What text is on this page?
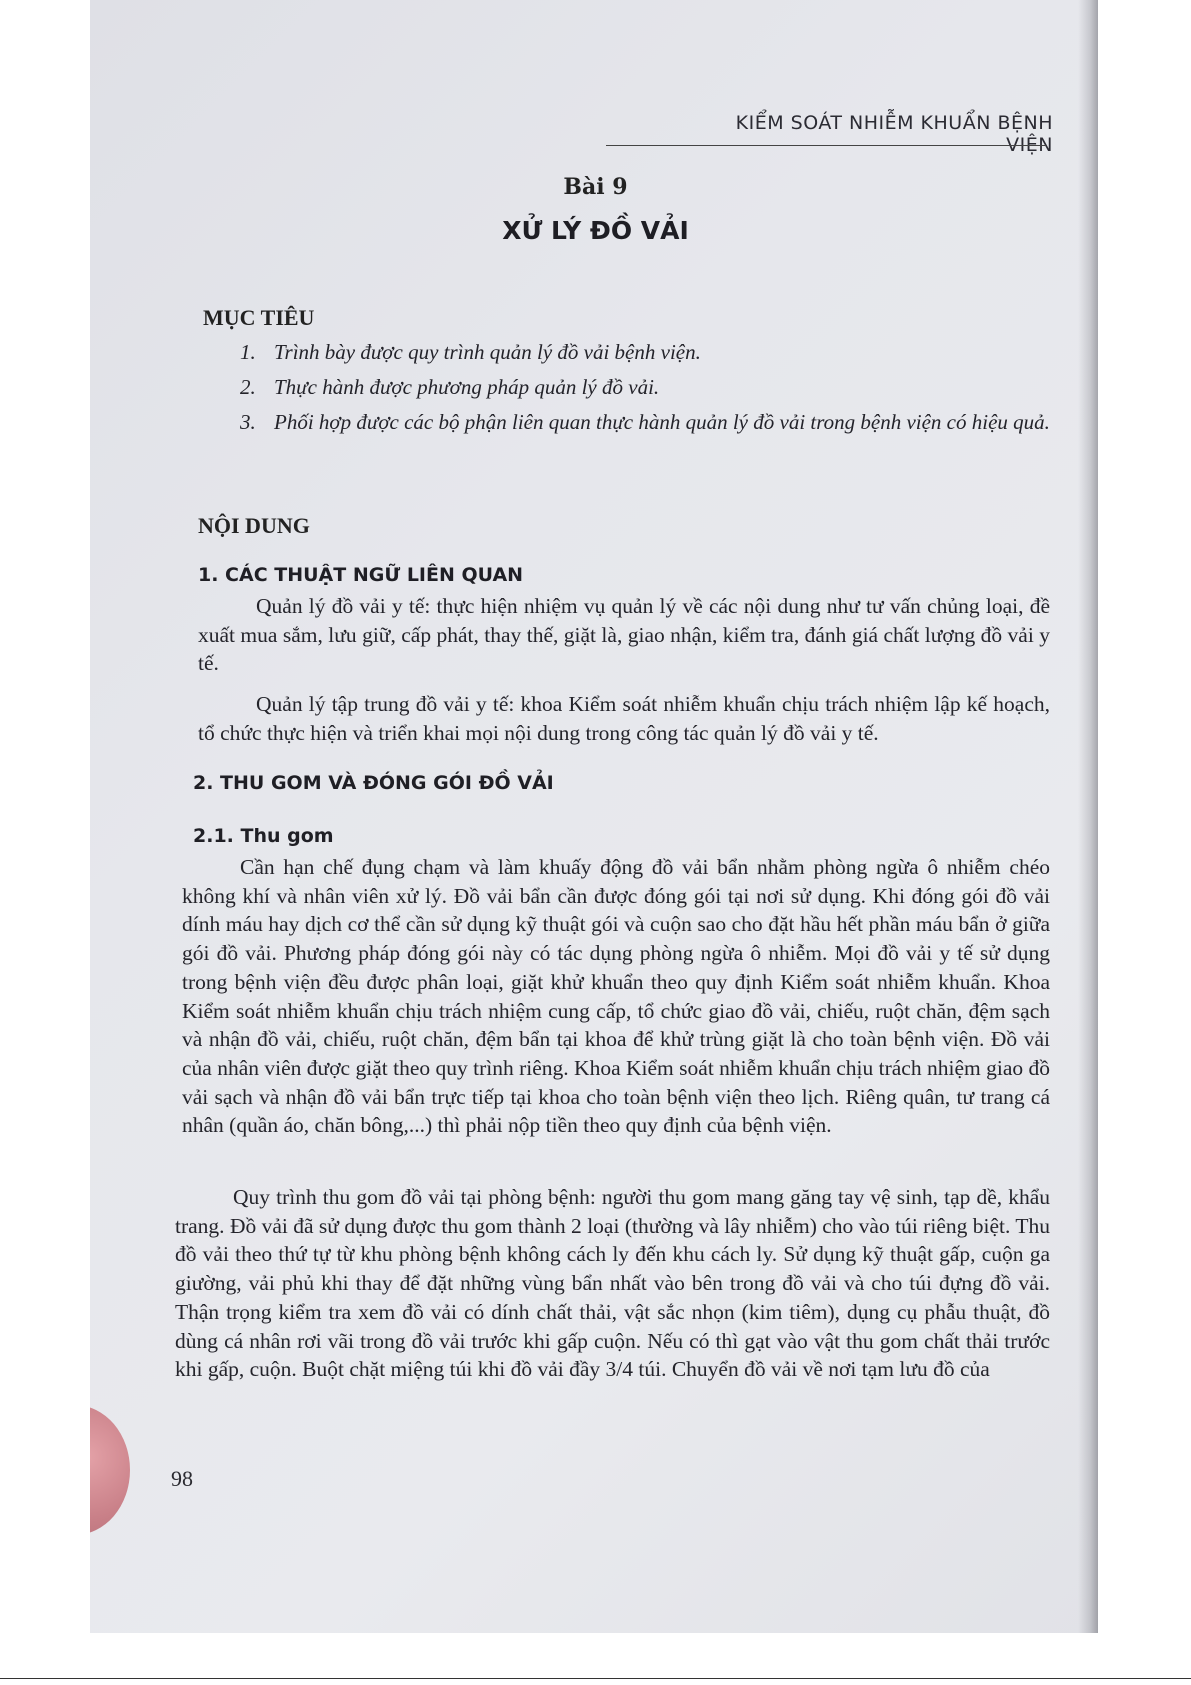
KIỂM SOÁT NHIỄM KHUẨN BỆNH VIỆN
Bài 9
XỬ LÝ ĐỒ VẢI
MỤC TIÊU
1. Trình bày được quy trình quản lý đồ vải bệnh viện.
2. Thực hành được phương pháp quản lý đồ vải.
3. Phối hợp được các bộ phận liên quan thực hành quản lý đồ vải trong bệnh viện có hiệu quả.
NỘI DUNG
1. CÁC THUẬT NGỮ LIÊN QUAN

Quản lý đồ vải y tế: thực hiện nhiệm vụ quản lý về các nội dung như tư vấn chủng loại, đề xuất mua sắm, lưu giữ, cấp phát, thay thế, giặt là, giao nhận, kiểm tra, đánh giá chất lượng đồ vải y tế.

Quản lý tập trung đồ vải y tế: khoa Kiểm soát nhiễm khuẩn chịu trách nhiệm lập kế hoạch, tổ chức thực hiện và triển khai mọi nội dung trong công tác quản lý đồ vải y tế.

2. THU GOM VÀ ĐÓNG GÓI ĐỒ VẢI
2.1. Thu gom

Cần hạn chế đụng chạm và làm khuấy động đồ vải bẩn nhằm phòng ngừa ô nhiễm chéo không khí và nhân viên xử lý. Đồ vải bẩn cần được đóng gói tại nơi sử dụng. Khi đóng gói đồ vải dính máu hay dịch cơ thể cần sử dụng kỹ thuật gói và cuộn sao cho đặt hầu hết phần máu bẩn ở giữa gói đồ vải. Phương pháp đóng gói này có tác dụng phòng ngừa ô nhiễm. Mọi đồ vải y tế sử dụng trong bệnh viện đều được phân loại, giặt khử khuẩn theo quy định Kiểm soát nhiễm khuẩn. Khoa Kiểm soát nhiễm khuẩn chịu trách nhiệm cung cấp, tổ chức giao đồ vải, chiếu, ruột chăn, đệm sạch và nhận đồ vải, chiếu, ruột chăn, đệm bẩn tại khoa để khử trùng giặt là cho toàn bệnh viện. Đồ vải của nhân viên được giặt theo quy trình riêng. Khoa Kiểm soát nhiễm khuẩn chịu trách nhiệm giao đồ vải sạch và nhận đồ vải bẩn trực tiếp tại khoa cho toàn bệnh viện theo lịch. Riêng quân, tư trang cá nhân (quần áo, chăn bông,...) thì phải nộp tiền theo quy định của bệnh viện.

Quy trình thu gom đồ vải tại phòng bệnh: người thu gom mang găng tay vệ sinh, tạp dề, khẩu trang. Đồ vải đã sử dụng được thu gom thành 2 loại (thường và lây nhiễm) cho vào túi riêng biệt. Thu đồ vải theo thứ tự từ khu phòng bệnh không cách ly đến khu cách ly. Sử dụng kỹ thuật gấp, cuộn ga giường, vải phủ khi thay để đặt những vùng bẩn nhất vào bên trong đồ vải và cho túi đựng đồ vải. Thận trọng kiểm tra xem đồ vải có dính chất thải, vật sắc nhọn (kim tiêm), dụng cụ phẫu thuật, đồ dùng cá nhân rơi vãi trong đồ vải trước khi gấp cuộn. Nếu có thì gạt vào vật thu gom chất thải trước khi gấp, cuộn. Buột chặt miệng túi khi đồ vải đầy 3/4 túi. Chuyển đồ vải về nơi tạm lưu đồ của

98
